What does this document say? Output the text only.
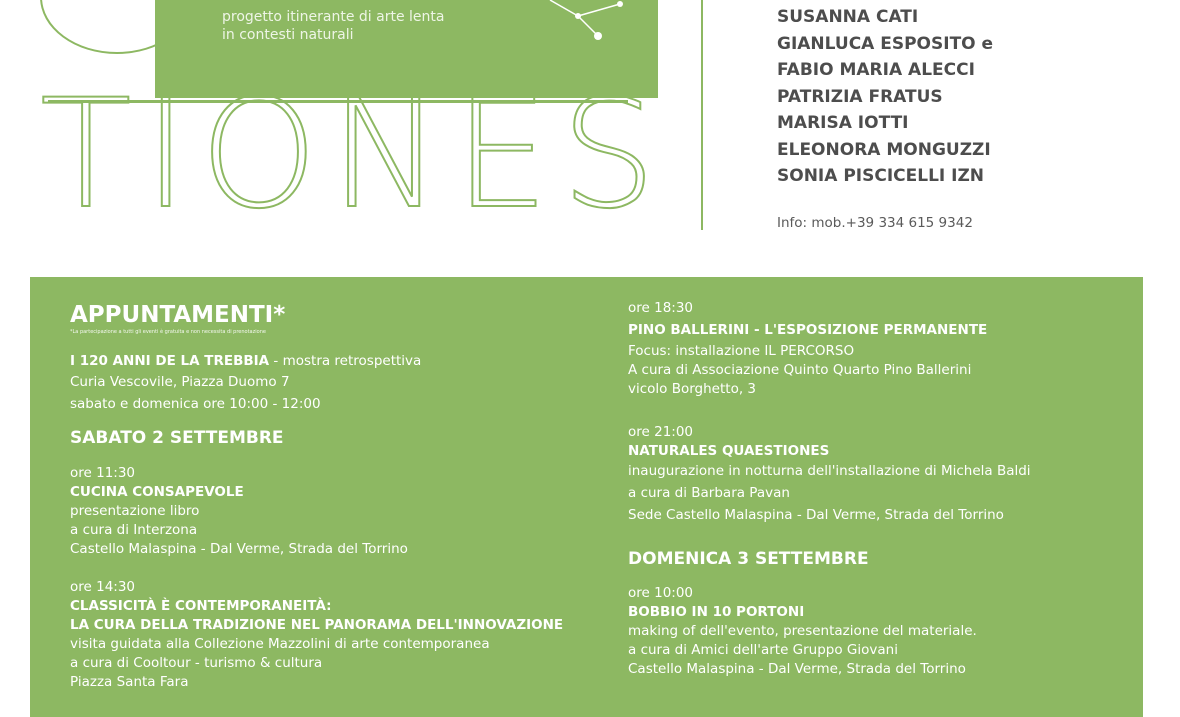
progetto itinerante di arte lenta
in contesti naturali
TIONES
SUSANNA CATI
GIANLUCA ESPOSITO e
FABIO MARIA ALECCI
PATRIZIA FRATUS
MARISA IOTTI
ELEONORA MONGUZZI
SONIA PISCICELLI IZN
Info: mob.+39 334 615 9342
APPUNTAMENTI*
*La partecipazione a tutti gli eventi è gratuita e non necessita di prenotazione
I 120 ANNI DE LA TREBBIA - mostra retrospettiva
Curia Vescovile, Piazza Duomo 7
sabato e domenica ore 10:00 - 12:00
SABATO 2 SETTEMBRE
ore 11:30
CUCINA CONSAPEVOLE
presentazione libro
a cura di Interzona
Castello Malaspina - Dal Verme, Strada del Torrino
ore 14:30
CLASSICITÀ È CONTEMPORANEITÀ:
LA CURA DELLA TRADIZIONE NEL PANORAMA DELL'INNOVAZIONE
visita guidata alla Collezione Mazzolini di arte contemporanea
a cura di Cooltour - turismo & cultura
Piazza Santa Fara
ore 18:30
PINO BALLERINI - L'ESPOSIZIONE PERMANENTE
Focus: installazione IL PERCORSO
A cura di Associazione Quinto Quarto Pino Ballerini
vicolo Borghetto, 3
ore 21:00
NATURALES QUAESTIONES
inaugurazione in notturna dell'installazione di Michela Baldi
a cura di Barbara Pavan
Sede Castello Malaspina - Dal Verme, Strada del Torrino
DOMENICA 3 SETTEMBRE
ore 10:00
BOBBIO IN 10 PORTONI
making of dell'evento, presentazione del materiale.
a cura di Amici dell'arte Gruppo Giovani
Castello Malaspina - Dal Verme, Strada del Torrino
